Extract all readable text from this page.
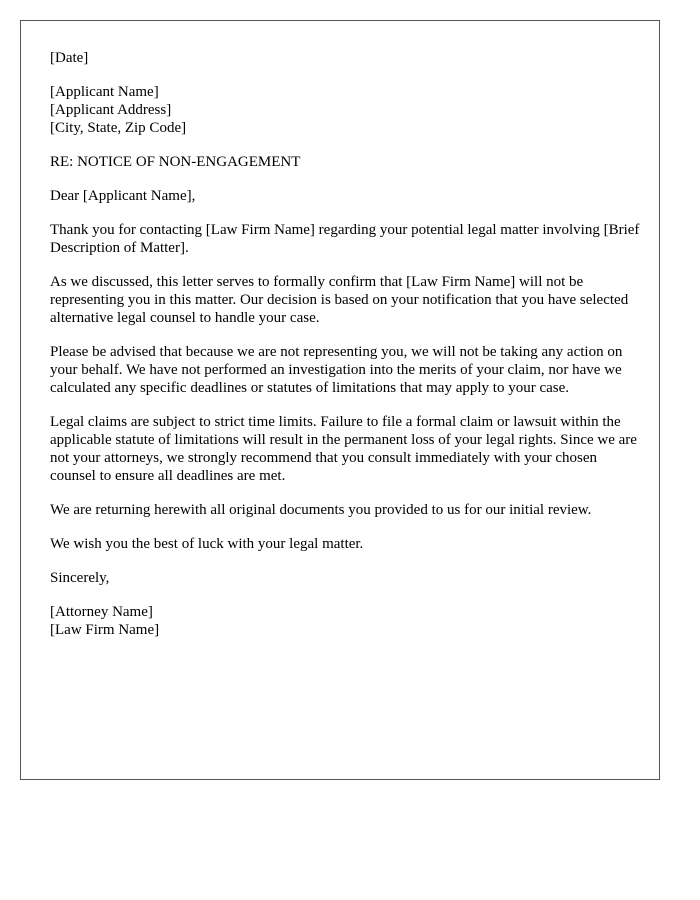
[Date]

[Applicant Name]
[Applicant Address]
[City, State, Zip Code]

RE: NOTICE OF NON-ENGAGEMENT

Dear [Applicant Name],

Thank you for contacting [Law Firm Name] regarding your potential legal matter involving [Brief Description of Matter].

As we discussed, this letter serves to formally confirm that [Law Firm Name] will not be representing you in this matter. Our decision is based on your notification that you have selected alternative legal counsel to handle your case.

Please be advised that because we are not representing you, we will not be taking any action on your behalf. We have not performed an investigation into the merits of your claim, nor have we calculated any specific deadlines or statutes of limitations that may apply to your case.

Legal claims are subject to strict time limits. Failure to file a formal claim or lawsuit within the applicable statute of limitations will result in the permanent loss of your legal rights. Since we are not your attorneys, we strongly recommend that you consult immediately with your chosen counsel to ensure all deadlines are met.

We are returning herewith all original documents you provided to us for our initial review.

We wish you the best of luck with your legal matter.

Sincerely,

[Attorney Name]
[Law Firm Name]
